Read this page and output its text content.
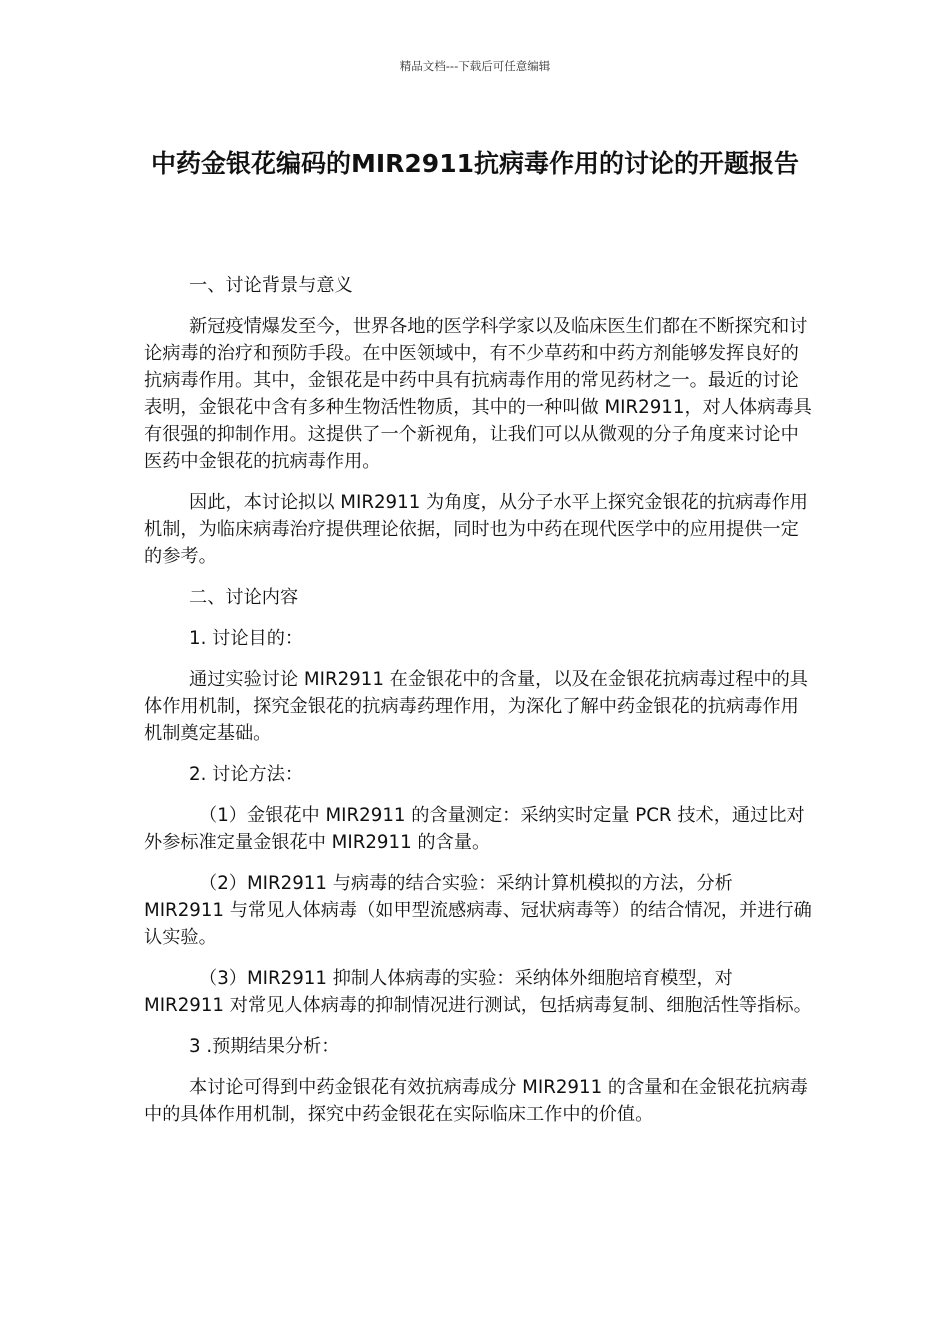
精品文档---下载后可任意编辑
中药金银花编码的MIR2911抗病毒作用的讨论的开题报告

一、讨论背景与意义

新冠疫情爆发至今，世界各地的医学科学家以及临床医生们都在不断探究和讨论病毒的治疗和预防手段。在中医领域中，有不少草药和中药方剂能够发挥良好的抗病毒作用。其中，金银花是中药中具有抗病毒作用的常见药材之一。最近的讨论表明，金银花中含有多种生物活性物质，其中的一种叫做 MIR2911，对人体病毒具有很强的抑制作用。这提供了一个新视角，让我们可以从微观的分子角度来讨论中医药中金银花的抗病毒作用。

因此，本讨论拟以 MIR2911 为角度，从分子水平上探究金银花的抗病毒作用机制，为临床病毒治疗提供理论依据，同时也为中药在现代医学中的应用提供一定的参考。

二、讨论内容

1. 讨论目的：

通过实验讨论 MIR2911 在金银花中的含量，以及在金银花抗病毒过程中的具体作用机制，探究金银花的抗病毒药理作用，为深化了解中药金银花的抗病毒作用机制奠定基础。

2. 讨论方法：

（1）金银花中 MIR2911 的含量测定：采纳实时定量 PCR 技术，通过比对外参标准定量金银花中 MIR2911 的含量。

（2）MIR2911 与病毒的结合实验：采纳计算机模拟的方法，分析 MIR2911 与常见人体病毒（如甲型流感病毒、冠状病毒等）的结合情况，并进行确认实验。

（3）MIR2911 抑制人体病毒的实验：采纳体外细胞培育模型，对 MIR2911 对常见人体病毒的抑制情况进行测试，包括病毒复制、细胞活性等指标。

3 .预期结果分析：

本讨论可得到中药金银花有效抗病毒成分 MIR2911 的含量和在金银花抗病毒中的具体作用机制，探究中药金银花在实际临床工作中的价值。
